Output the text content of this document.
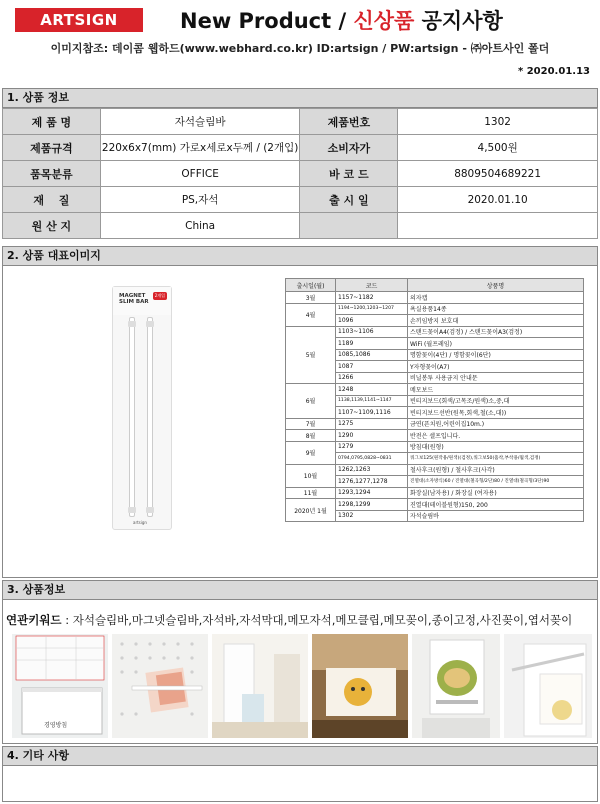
ARTSIGN	New Product / 신상품 공지사항
이미지참조: 데이콤 웹하드(www.webhard.co.kr) ID:artsign / PW:artsign - ㈜아트사인 폴더
* 2020.01.13
1. 상품 정보
제 품 명	자석슬림바	제품번호	1302
제품규격	220x6x7(mm) 가로x세로x두께 / (2개입)	소비자가	4,500원
품목분류	OFFICE	바 코 드	8809504689221
재　 질	PS,자석	출 시 일	2020.01.10
원 산 지	China		
2. 상품 대표이미지
MAGNET
SLIM BAR
2개입
artsign
출시일(월)	코드	상품명
3월	1157~1182	의자캡
4월	1194~1200,1203~1207	욕실용품14종
	1096	손끼임방지 보호대
5월	1103~1106	스탠드꽂이A4(검정) / 스탠드꽂이A3(검정)
	1189	WiFi (월프레임)
	1085,1086	명함꽂이(4단) / 명함꽂이(6단)
	1087	Y자형꽂이(A7)
	1266	비닐봉투 사용금지 안내문
6월	1248	메모보드
	1138,1139,1141~1147	빈티지보드(회색/고목조/원색)소,중,대
	1107~1109,1116	빈티지보드선반(원목,회색,철(소,대))
7월	1275	금연(픈치원,어린이집10m.)
8월	1290	반전은 셀프입니다.
9월	1279	방침대(원형)
	0794,0795,0828~0831	쿼그보125(원작용/원색)(검정),쿼그보50(흡착,부착용/월색,검정)
10월	1262,1263	철사후크(원형) / 철사후크(사각)
	1276,1277,1278	진열대(소자방식)60 / 진열대(철곡형/2단)80 / 진열대(철곡형/3단)90
11월	1293,1294	화장실(남자용) / 화장실 (여자용)
2020년 1월	1298,1299	진열대(테이블원형)150, 200
	1302	자석슬림바
3. 상품정보
연관키워드 : 자석슬림바,마그넷슬림바,자석바,자석막대,메모자석,메모클립,메모꽂이,종이고정,사진꽂이,엽서꽂이
경영방침
4. 기타 사항
